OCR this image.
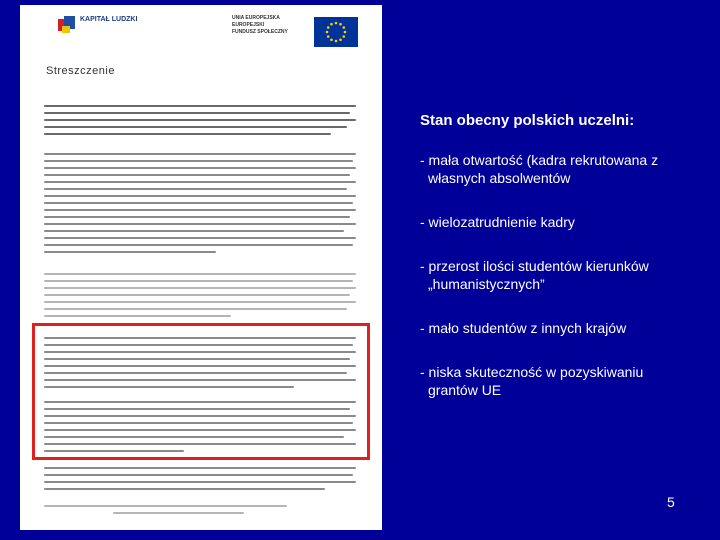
KAPITAŁ LUDZKI	UNIA EUROPEJSKA
EUROPEJSKI
FUNDUSZ SPOŁECZNY
Streszczenie

Stan obecny polskich uczelni:

- mała otwartość (kadra rekrutowana z
własnych absolwentów
- wielozatrudnienie kadry
- przerost ilości studentów kierunków
„humanistycznych”
- mało studentów z innych krajów
- niska skuteczność w pozyskiwaniu
grantów UE
5
